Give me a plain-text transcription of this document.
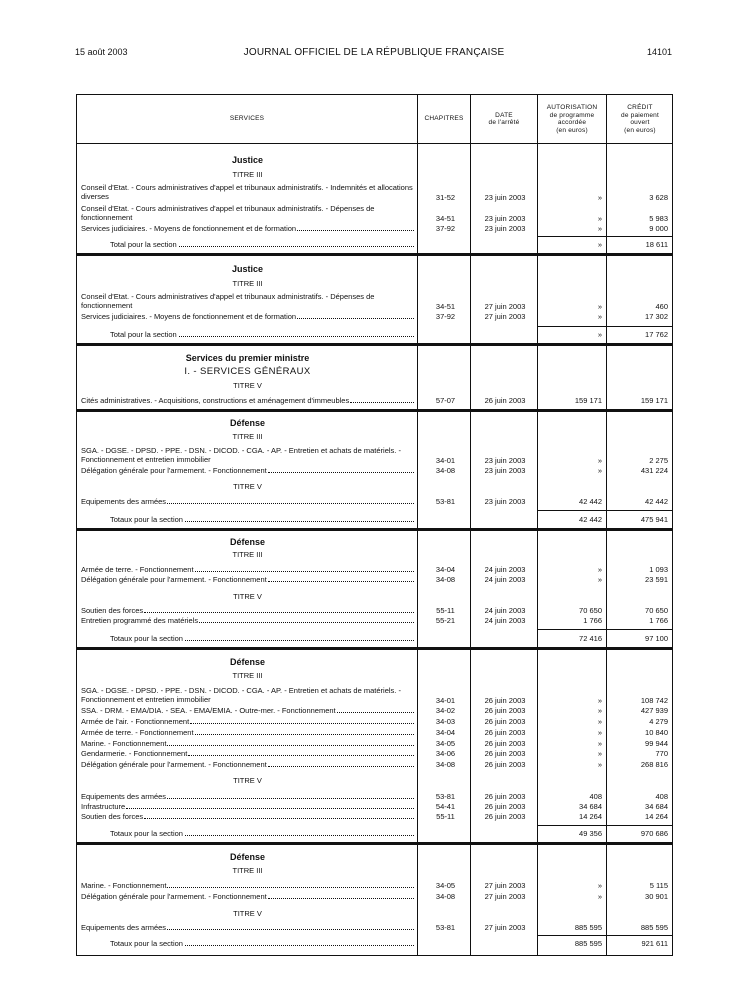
15 août 2003	JOURNAL OFFICIEL DE LA RÉPUBLIQUE FRANÇAISE	14101
SERVICES	CHAPITRES
DATE
de l'arrêté
AUTORISATION
de programme
accordée
(en euros)
CRÉDIT
de paiement
ouvert
(en euros)
Justice
TITRE III
Conseil d'Etat. - Cours administratives d'appel et tribunaux administratifs. - Indemnités et allocations diverses	31-52	23 juin 2003	»	3 628
Conseil d'Etat. - Cours administratives d'appel et tribunaux administratifs. - Dépenses de fonctionnement	34-51	23 juin 2003	»	5 983
Services judiciaires. - Moyens de fonctionnement et de formation	37-92	23 juin 2003	»	9 000
Total pour la section	»	18 611
Justice
TITRE III
Conseil d'Etat. - Cours administratives d'appel et tribunaux administratifs. - Dépenses de fonctionnement	34-51	27 juin 2003	»	460
Services judiciaires. - Moyens de fonctionnement et de formation	37-92	27 juin 2003	»	17 302
Total pour la section	»	17 762
Services du premier ministre
I. - SERVICES GÉNÉRAUX
TITRE V
Cités administratives. - Acquisitions, constructions et aménagement d'immeubles	57-07	26 juin 2003	159 171	159 171
Défense
TITRE III
SGA. - DGSE. - DPSD. - PPE. - DSN. - DICOD. - CGA. - AP. - Entretien et achats de matériels. - Fonctionnement et entretien immobilier	34-01	23 juin 2003	»	2 275
Délégation générale pour l'armement. - Fonctionnement	34-08	23 juin 2003	»	431 224
TITRE V
Equipements des armées	53-81	23 juin 2003	42 442	42 442
Totaux pour la section	42 442	475 941
Défense
TITRE III
Armée de terre. - Fonctionnement	34-04	24 juin 2003	»	1 093
Délégation générale pour l'armement. - Fonctionnement	34-08	24 juin 2003	»	23 591
TITRE V
Soutien des forces	55-11	24 juin 2003	70 650	70 650
Entretien programmé des matériels	55-21	24 juin 2003	1 766	1 766
Totaux pour la section	72 416	97 100
Défense
TITRE III
SGA. - DGSE. - DPSD. - PPE. - DSN. - DICOD. - CGA. - AP. - Entretien et achats de matériels. - Fonctionnement et entretien immobilier	34-01	26 juin 2003	»	108 742
SSA. - DRM. - EMA/DIA. - SEA. - EMA/EMIA. - Outre-mer. - Fonctionnement	34-02	26 juin 2003	»	427 939
Armée de l'air. - Fonctionnement	34-03	26 juin 2003	»	4 279
Armée de terre. - Fonctionnement	34-04	26 juin 2003	»	10 840
Marine. - Fonctionnement	34-05	26 juin 2003	»	99 944
Gendarmerie. - Fonctionnement	34-06	26 juin 2003	»	770
Délégation générale pour l'armement. - Fonctionnement	34-08	26 juin 2003	»	268 816
TITRE V
Equipements des armées	53-81	26 juin 2003	408	408
Infrastructure	54-41	26 juin 2003	34 684	34 684
Soutien des forces	55-11	26 juin 2003	14 264	14 264
Totaux pour la section	49 356	970 686
Défense
TITRE III
Marine. - Fonctionnement	34-05	27 juin 2003	»	5 115
Délégation générale pour l'armement. - Fonctionnement	34-08	27 juin 2003	»	30 901
TITRE V
Equipements des armées	53-81	27 juin 2003	885 595	885 595
Totaux pour la section	885 595	921 611
